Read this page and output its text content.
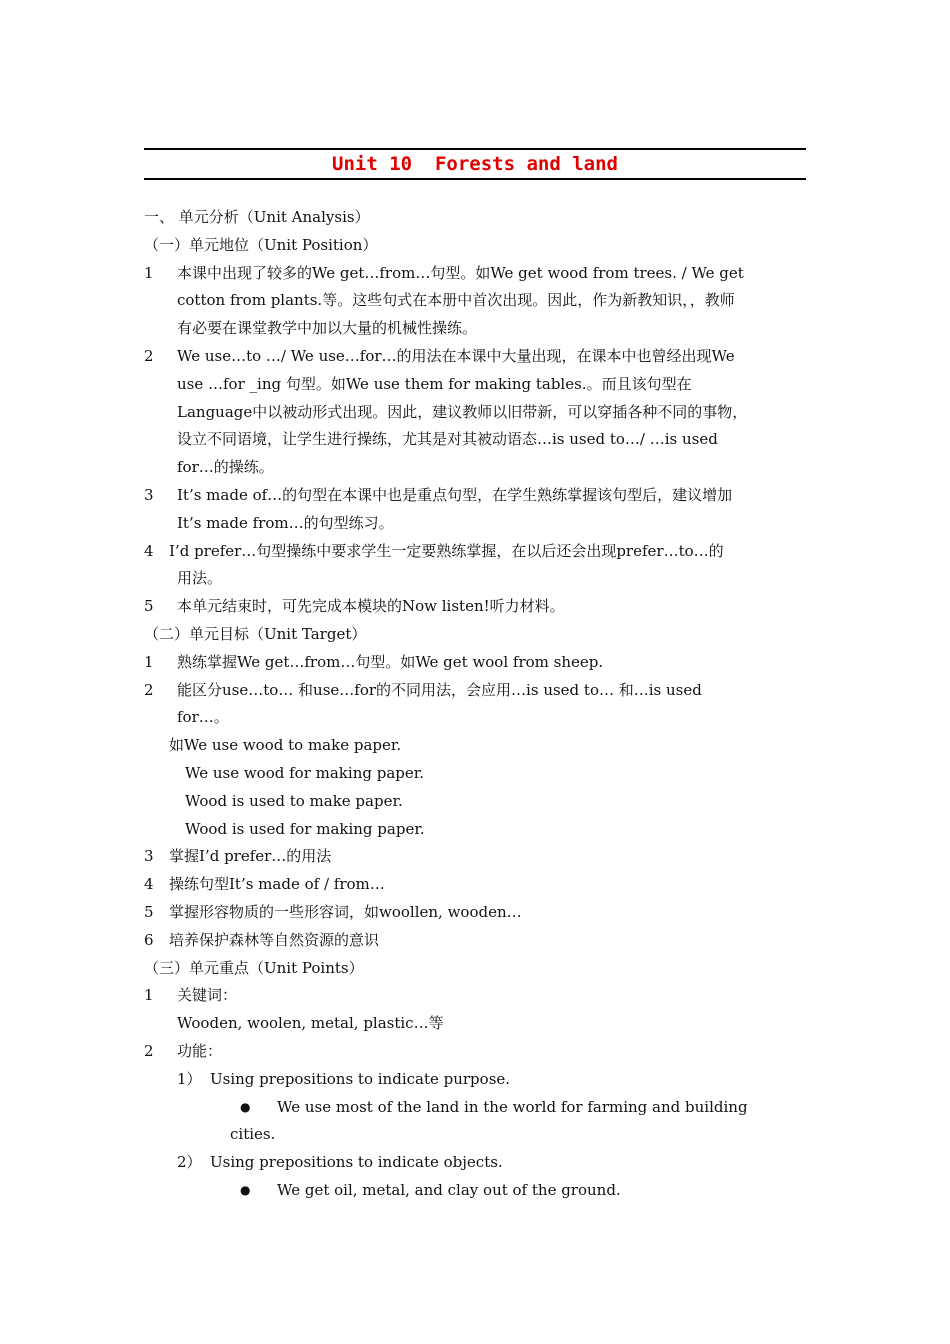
Unit 10  Forests and land
一、 单元分析（Unit Analysis）
（一）单元地位（Unit Position）
1	本课中出现了较多的We get…from…句型。如We get wood from trees. / We get
cotton from plants.等。这些句式在本册中首次出现。因此，作为新教知识，，教师
有必要在课堂教学中加以大量的机械性操练。
2	We use…to …/ We use…for…的用法在本课中大量出现，在课本中也曾经出现We
use …for _ing 句型。如We use them for making tables.。而且该句型在
Language中以被动形式出现。因此，建议教师以旧带新，可以穿插各种不同的事物，
设立不同语境，让学生进行操练，尤其是对其被动语态…is used to…/ …is used
for…的操练。
3	It’s made of…的句型在本课中也是重点句型，在学生熟练掌握该句型后，建议增加
It’s made from…的句型练习。
4	I’d prefer…句型操练中要求学生一定要熟练掌握，在以后还会出现prefer…to…的
用法。
5	本单元结束时，可先完成本模块的Now listen!听力材料。
（二）单元目标（Unit Target）
1	熟练掌握We get…from…句型。如We get wool from sheep.
2	能区分use…to… 和use…for的不同用法，会应用…is used to… 和…is used
for…。
如We use wood to make paper.
We use wood for making paper.
Wood is used to make paper.
Wood is used for making paper.
3	掌握I’d prefer…的用法
4	操练句型It’s made of / from…
5	掌握形容物质的一些形容词，如woollen, wooden…
6	培养保护森林等自然资源的意识
（三）单元重点（Unit Points）
1	关键词：
Wooden, woolen, metal, plastic…等
2	功能：
1） Using prepositions to indicate purpose.
●	We use most of the land in the world for farming and building
cities.
2） Using prepositions to indicate objects.
●	We get oil, metal, and clay out of the ground.
